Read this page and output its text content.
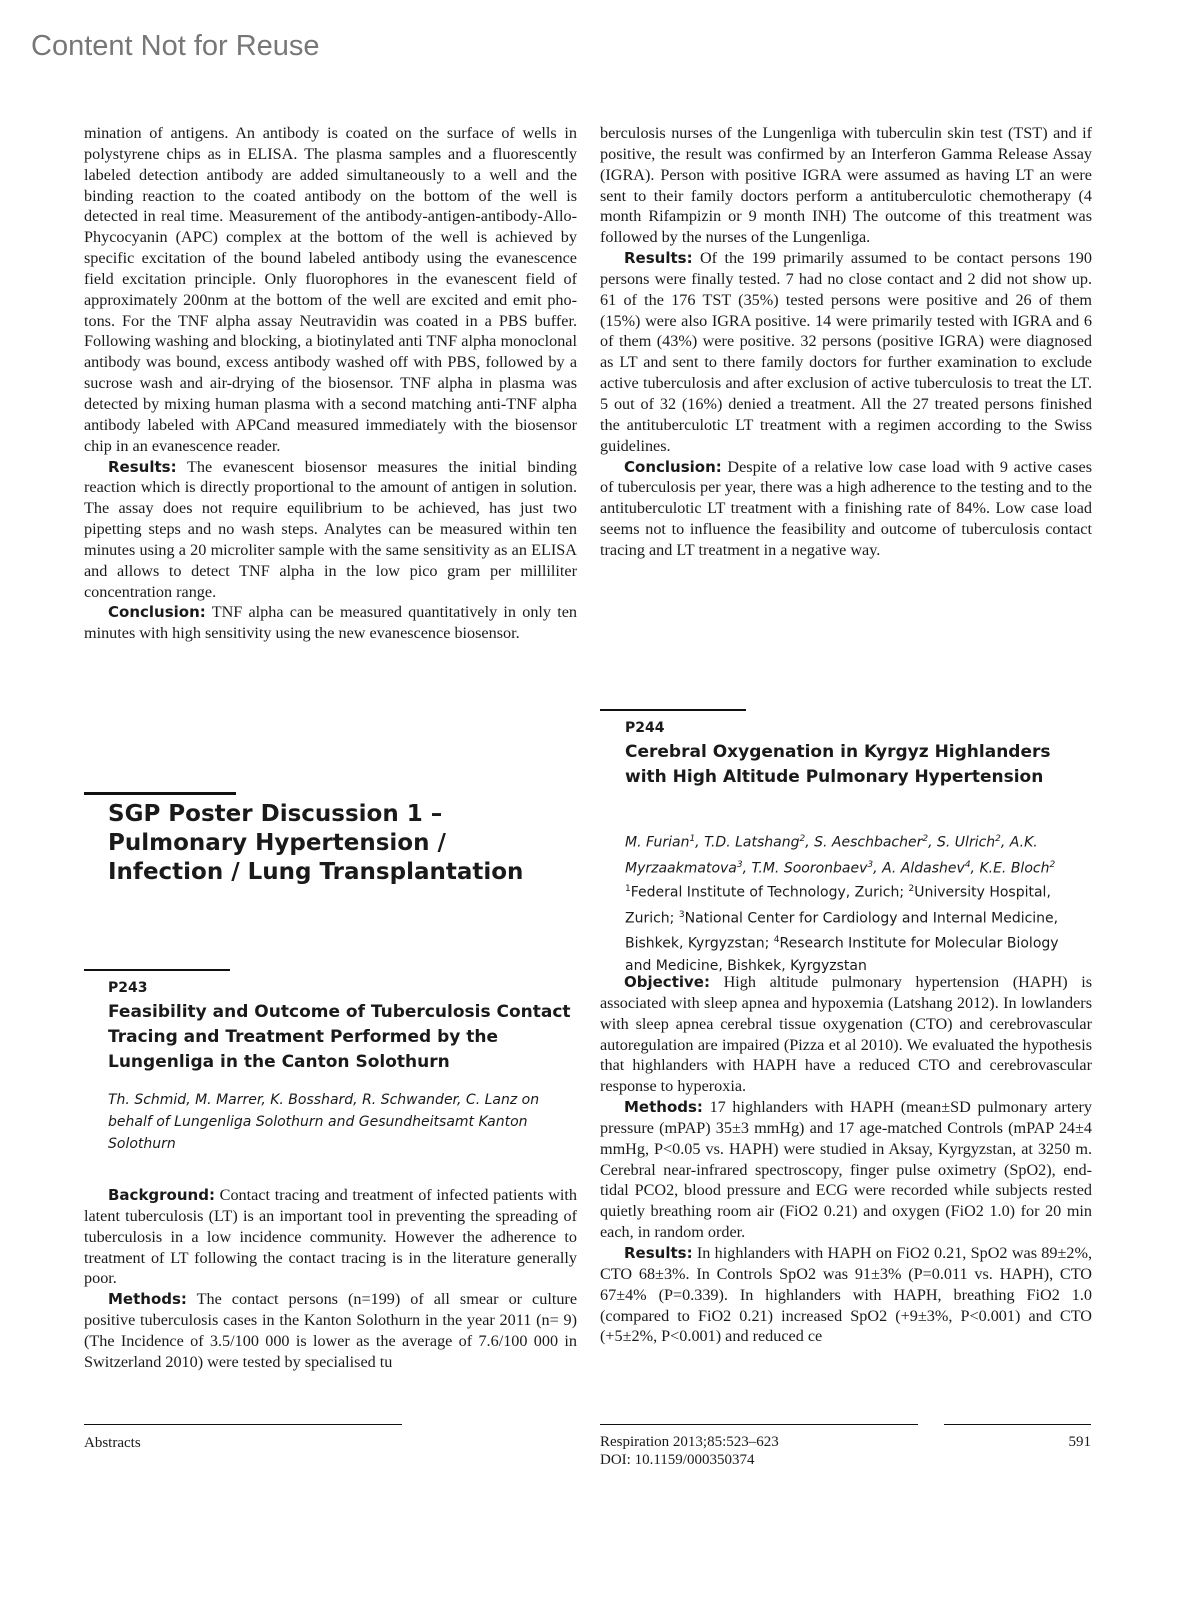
Content Not for Reuse

mination of antigens. An antibody is coated on the surface of wells in polystyrene chips as in ELISA. The plasma samples and a fluorescently labeled detection antibody are added simultaneously to a well and the binding reaction to the coated antibody on the bottom of the well is detected in real time. Measurement of the antibody-antigen-antibody-Allo-Phycocyanin (APC) complex at the bottom of the well is achieved by specific excitation of the bound labeled antibody using the evanescence field excitation principle. Only fluorophores in the evanescent field of approximately 200nm at the bottom of the well are excited and emit photons. For the TNF alpha assay Neutravidin was coated in a PBS buffer. Following washing and blocking, a biotinylated anti TNF alpha monoclonal antibody was bound, excess antibody washed off with PBS, followed by a sucrose wash and air-drying of the biosensor. TNF alpha in plasma was detected by mixing human plasma with a second matching anti-TNF alpha antibody labeled with APCand measured immediately with the biosensor chip in an evanescence reader.

Results: The evanescent biosensor measures the initial binding reaction which is directly proportional to the amount of antigen in solution. The assay does not require equilibrium to be achieved, has just two pipetting steps and no wash steps. Analytes can be measured within ten minutes using a 20 microliter sample with the same sensitivity as an ELISA and allows to detect TNF alpha in the low pico gram per milliliter concentration range.

Conclusion: TNF alpha can be measured quantitatively in only ten minutes with high sensitivity using the new evanescence biosensor.

SGP Poster Discussion 1 – Pulmonary Hypertension / Infection / Lung Transplantation
P243
Feasibility and Outcome of Tuberculosis Contact Tracing and Treatment Performed by the Lungenliga in the Canton Solothurn
Th. Schmid, M. Marrer, K. Bosshard, R. Schwander, C. Lanz on behalf of Lungenliga Solothurn and Gesundheitsamt Kanton Solothurn

Background: Contact tracing and treatment of infected patients with latent tuberculosis (LT) is an important tool in preventing the spreading of tuberculosis in a low incidence community. However the adherence to treatment of LT following the contact tracing is in the literature generally poor.

Methods: The contact persons (n=199) of all smear or culture positive tuberculosis cases in the Kanton Solothurn in the year 2011 (n= 9) (The Incidence of 3.5/100 000 is lower as the average of 7.6/100 000 in Switzerland 2010) were tested by specialised tu

berculosis nurses of the Lungenliga with tuberculin skin test (TST) and if positive, the result was confirmed by an Interferon Gamma Release Assay (IGRA). Person with positive IGRA were assumed as having LT an were sent to their family doctors perform a antituberculotic chemotherapy (4 month Rifampizin or 9 month INH) The outcome of this treatment was followed by the nurses of the Lungenliga.

Results: Of the 199 primarily assumed to be contact persons 190 persons were finally tested. 7 had no close contact and 2 did not show up. 61 of the 176 TST (35%) tested persons were positive and 26 of them (15%) were also IGRA positive. 14 were primarily tested with IGRA and 6 of them (43%) were positive. 32 persons (positive IGRA) were diagnosed as LT and sent to there family doctors for further examination to exclude active tuberculosis and after exclusion of active tuberculosis to treat the LT. 5 out of 32 (16%) denied a treatment. All the 27 treated persons finished the antituberculotic LT treatment with a regimen according to the Swiss guidelines.

Conclusion: Despite of a relative low case load with 9 active cases of tuberculosis per year, there was a high adherence to the testing and to the antituberculotic LT treatment with a finishing rate of 84%. Low case load seems not to influence the feasibility and outcome of tuberculosis contact tracing and LT treatment in a negative way.

P244
Cerebral Oxygenation in Kyrgyz Highlanders with High Altitude Pulmonary Hypertension
M. Furian$^1$, T.D. Latshang$^2$, S. Aeschbacher$^2$, S. Ulrich$^2$, A.K. Myrzaakmatova$^3$, T.M. Sooronbaev$^3$, A. Aldashev$^4$, K.E. Bloch$^2$
$^1$Federal Institute of Technology, Zurich; $^2$University Hospital, Zurich; $^3$National Center for Cardiology and Internal Medicine, Bishkek, Kyrgyzstan; $^4$Research Institute for Molecular Biology and Medicine, Bishkek, Kyrgyzstan

Objective: High altitude pulmonary hypertension (HAPH) is associated with sleep apnea and hypoxemia (Latshang 2012). In lowlanders with sleep apnea cerebral tissue oxygenation (CTO) and cerebrovascular autoregulation are impaired (Pizza et al 2010). We evaluated the hypothesis that highlanders with HAPH have a reduced CTO and cerebrovascular response to hyperoxia.

Methods: 17 highlanders with HAPH (mean±SD pulmonary artery pressure (mPAP) 35±3 mmHg) and 17 age-matched Controls (mPAP 24±4 mmHg, P<0.05 vs. HAPH) were studied in Aksay, Kyrgyzstan, at 3250 m. Cerebral near-infrared spectroscopy, finger pulse oximetry (SpO2), end-tidal PCO2, blood pressure and ECG were recorded while subjects rested quietly breathing room air (FiO2 0.21) and oxygen (FiO2 1.0) for 20 min each, in random order.

Results: In highlanders with HAPH on FiO2 0.21, SpO2 was 89±2%, CTO 68±3%. In Controls SpO2 was 91±3% (P=0.011 vs. HAPH), CTO 67±4% (P=0.339). In highlanders with HAPH, breathing FiO2 1.0 (compared to FiO2 0.21) increased SpO2 (+9±3%, P<0.001) and CTO (+5±2%, P<0.001) and reduced ce

Abstracts	Respiration 2013;85:523–623
DOI: 10.1159/000350374
591
